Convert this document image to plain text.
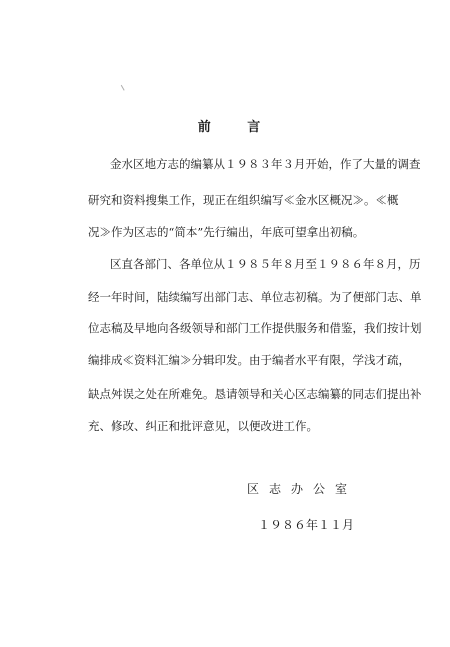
前 言
金水区地方志的编纂从１９８３年３月开始，作了大量的调查
研究和资料搜集工作，现正在组织编写≪金水区概况≫。≪概
况≫作为区志的“简本”先行编出，年底可望拿出初稿。
区直各部门、各单位从１９８５年８月至１９８６年８月，历
经一年时间，陆续编写出部门志、单位志初稿。为了便部门志、单
位志稿及早地向各级领导和部门工作提供服务和借鉴，我们按计划
编排成≪资料汇编≫分辑印发。由于编者水平有限，学浅才疏，
缺点舛误之处在所难免。恳请领导和关心区志编纂的同志们提出补
充、修改、纠正和批评意见，以便改进工作。
区志办公室
１９８６年１１月
